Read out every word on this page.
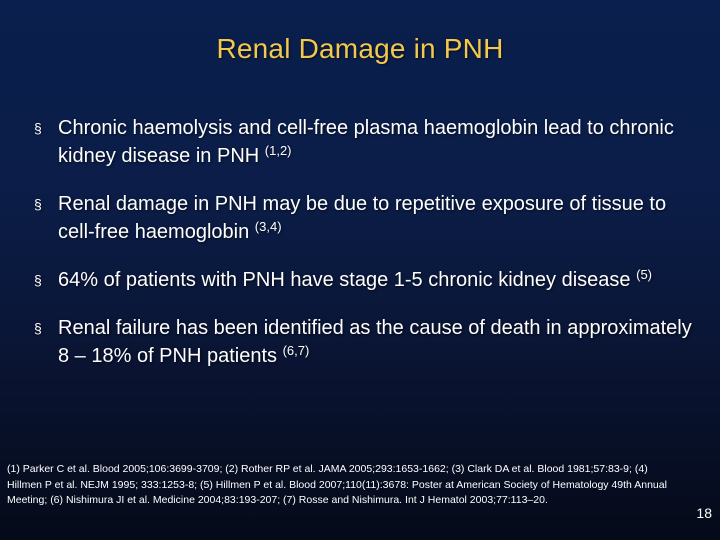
Renal Damage in PNH
§ Chronic haemolysis and cell-free plasma haemoglobin lead to chronic kidney disease in PNH $^{(1,2)}$
§ Renal damage in PNH may be due to repetitive exposure of tissue to cell-free haemoglobin $^{(3,4)}$
§ 64% of patients with PNH have stage 1-5 chronic kidney disease $^{(5)}$
§ Renal failure has been identified as the cause of death in approximately 8 – 18% of PNH patients $^{(6,7)}$
(1) Parker C et al. Blood 2005;106:3699-3709; (2) Rother RP et al. JAMA 2005;293:1653-1662; (3) Clark DA et al. Blood 1981;57:83-9; (4) Hillmen P et al. NEJM 1995; 333:1253-8; (5) Hillmen P et al. Blood 2007;110(11):3678: Poster at American Society of Hematology 49th Annual Meeting; (6) Nishimura JI et al. Medicine 2004;83:193-207; (7) Rosse and Nishimura. Int J Hematol 2003;77:113–20.
18
